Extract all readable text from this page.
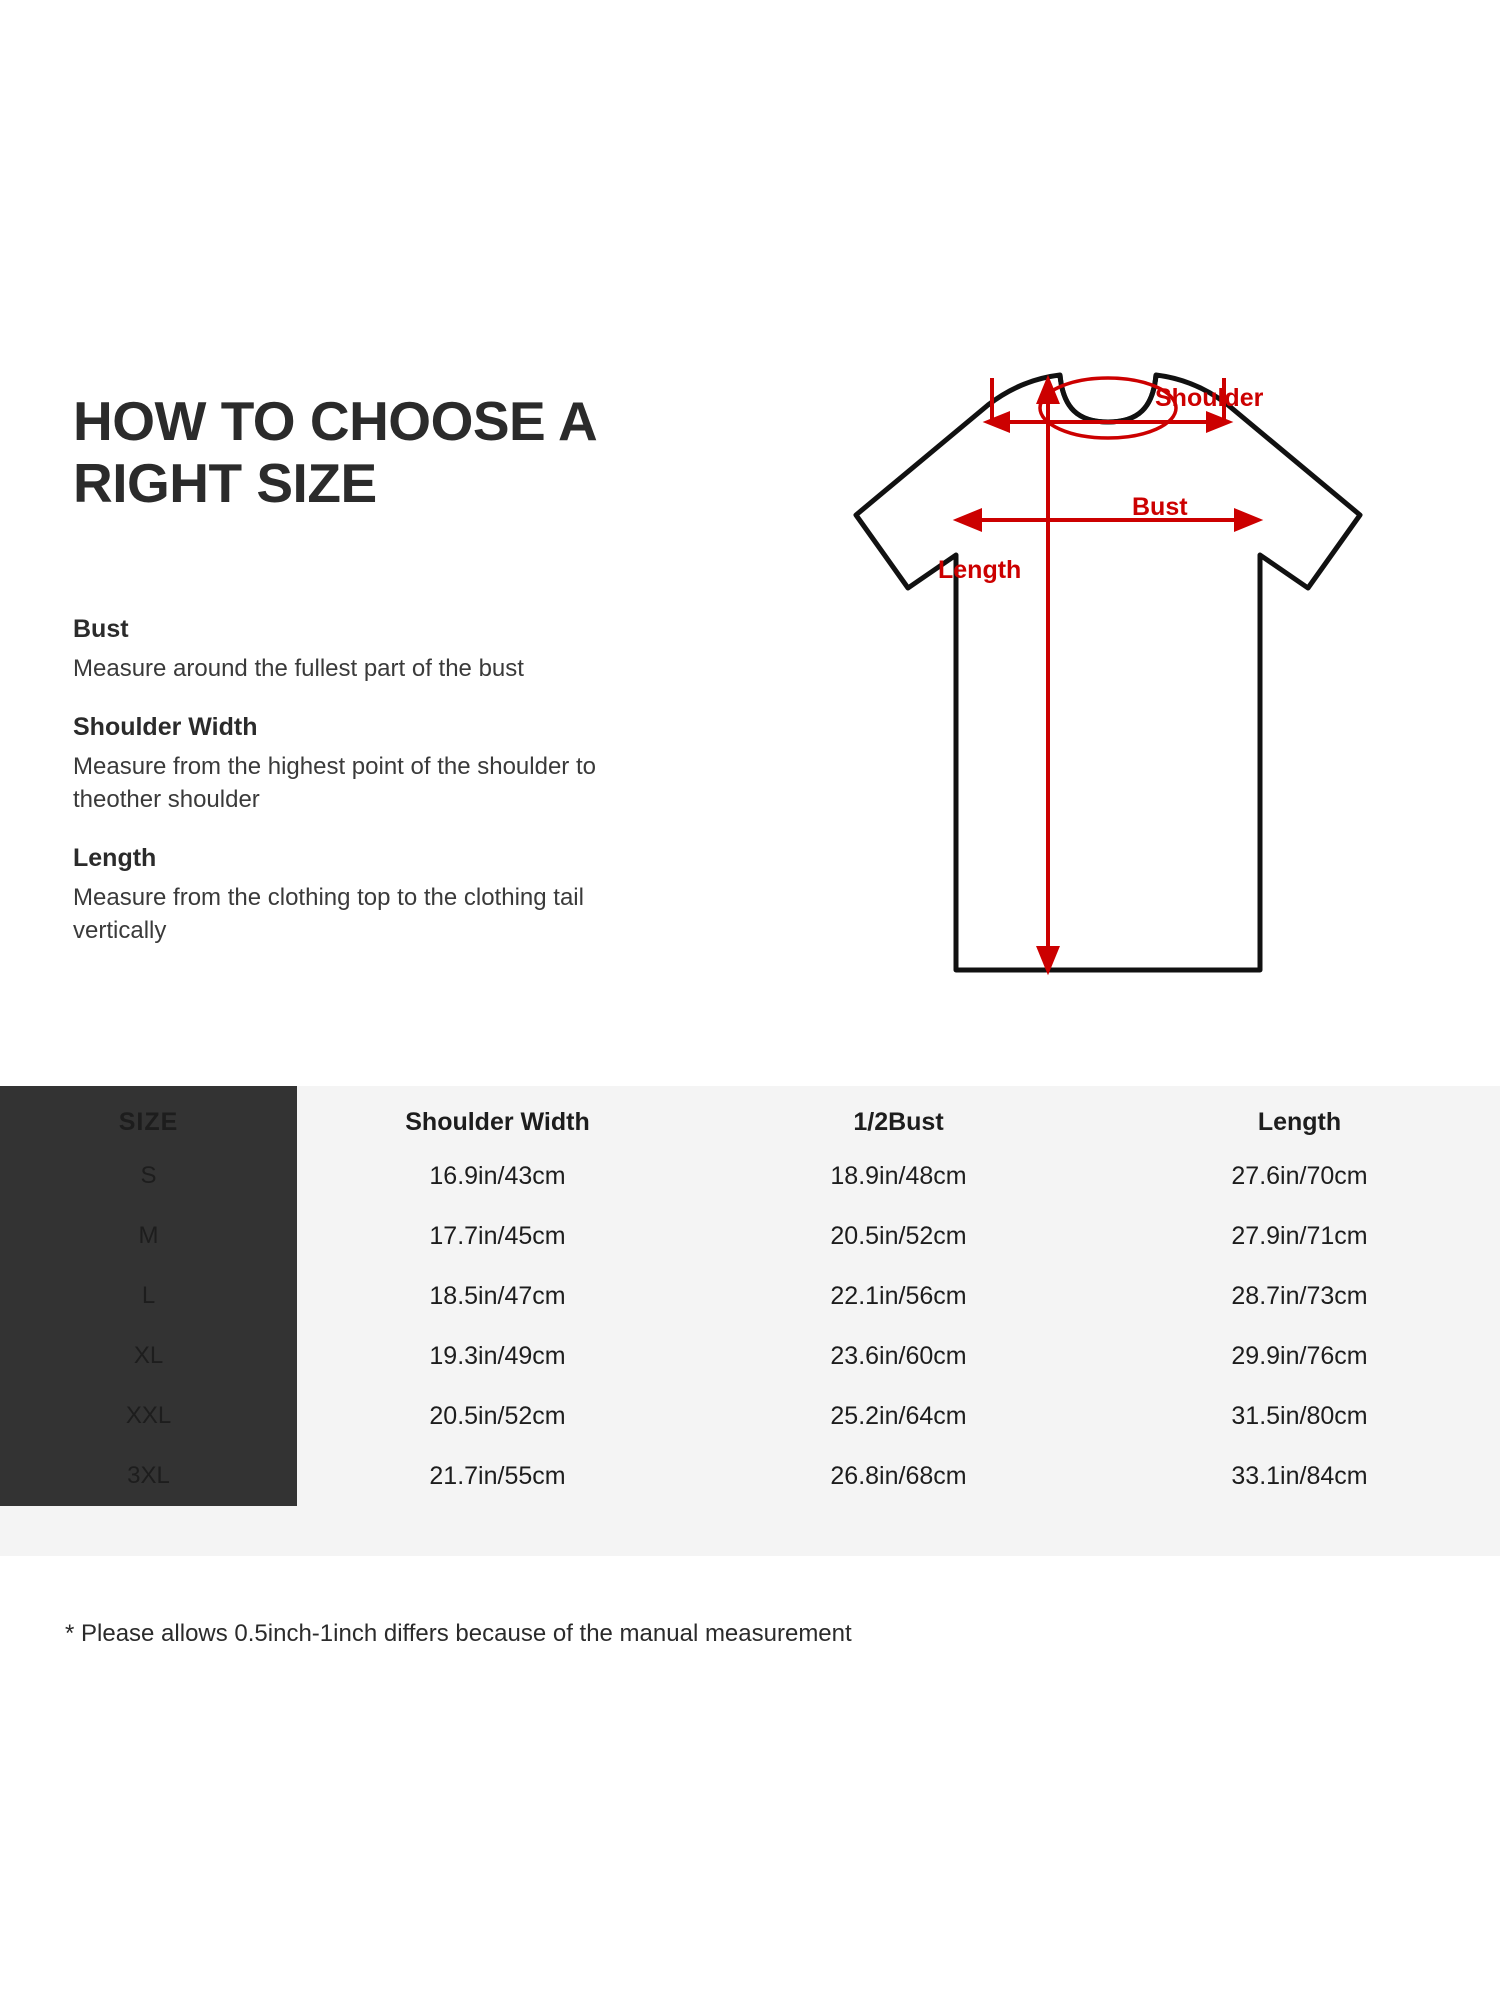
HOW TO CHOOSE A RIGHT SIZE
Bust
Measure around the fullest part of the bust
Shoulder Width
Measure from the highest point of the shoulder to theother shoulder
Length
Measure from the clothing top to the clothing tail vertically
Shoulder
Bust
Length
SIZE	Shoulder Width	1/2Bust	Length
S	16.9in/43cm	18.9in/48cm	27.6in/70cm
M	17.7in/45cm	20.5in/52cm	27.9in/71cm
L	18.5in/47cm	22.1in/56cm	28.7in/73cm
XL	19.3in/49cm	23.6in/60cm	29.9in/76cm
XXL	20.5in/52cm	25.2in/64cm	31.5in/80cm
3XL	21.7in/55cm	26.8in/68cm	33.1in/84cm
* Please allows 0.5inch-1inch differs because of the manual measurement
